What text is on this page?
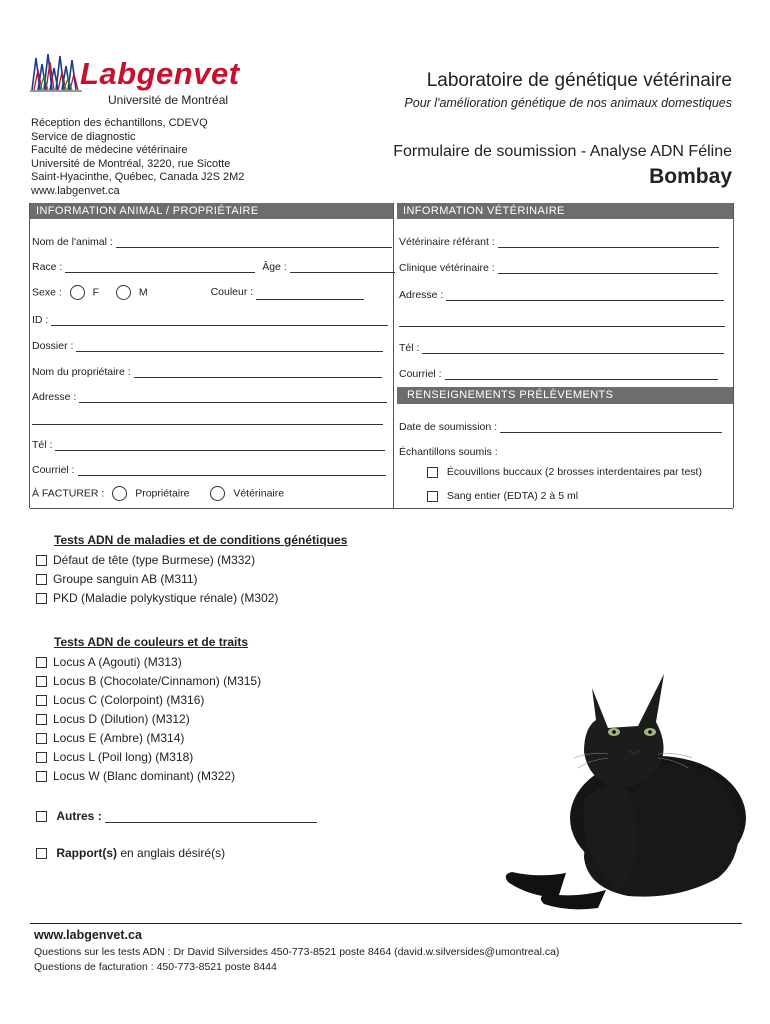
Labgenvet
Université de Montréal
Laboratoire de génétique vétérinaire
Pour l'amélioration génétique de nos animaux domestiques
Réception des échantillons, CDEVQ
Service de diagnostic
Faculté de médecine vétérinaire
Université de Montréal, 3220, rue Sicotte
Saint-Hyacinthe, Québec, Canada J2S 2M2
www.labgenvet.ca
Formulaire de soumission - Analyse ADN Féline
Bombay
INFORMATION ANIMAL / PROPRIÉTAIRE	INFORMATION VÉTÉRINAIRE
Nom de l'animal :
Race :	Âge :
Sexe :	F	M	Couleur :
ID :
Dossier :
Nom du propriétaire :
Adresse :
Tél :
Courriel :
À FACTURER :	Propriétaire	Vétérinaire
Vétérinaire référant :
Clinique vétérinaire :
Adresse :
Tél :
Courriel :
RENSEIGNEMENTS PRÉLÈVEMENTS
Date de soumission :
Échantillons soumis :
Écouvillons buccaux (2 brosses interdentaires par test)
Sang entier (EDTA) 2 à 5 ml
Tests ADN de maladies et de conditions génétiques
Défaut de tête (type Burmese) (M332)
Groupe sanguin AB (M311)
PKD (Maladie polykystique rénale) (M302)
Tests ADN de couleurs et de traits
Locus A (Agouti) (M313)
Locus B (Chocolate/Cinnamon) (M315)
Locus C (Colorpoint) (M316)
Locus D (Dilution) (M312)
Locus E (Ambre) (M314)
Locus L (Poil long) (M318)
Locus W (Blanc dominant) (M322)
Autres :
Rapport(s) en anglais désiré(s)
www.labgenvet.ca
Questions sur les tests ADN : Dr David Silversides 450-773-8521 poste 8464 (david.w.silversides@umontreal.ca)
Questions de facturation : 450-773-8521 poste 8444
